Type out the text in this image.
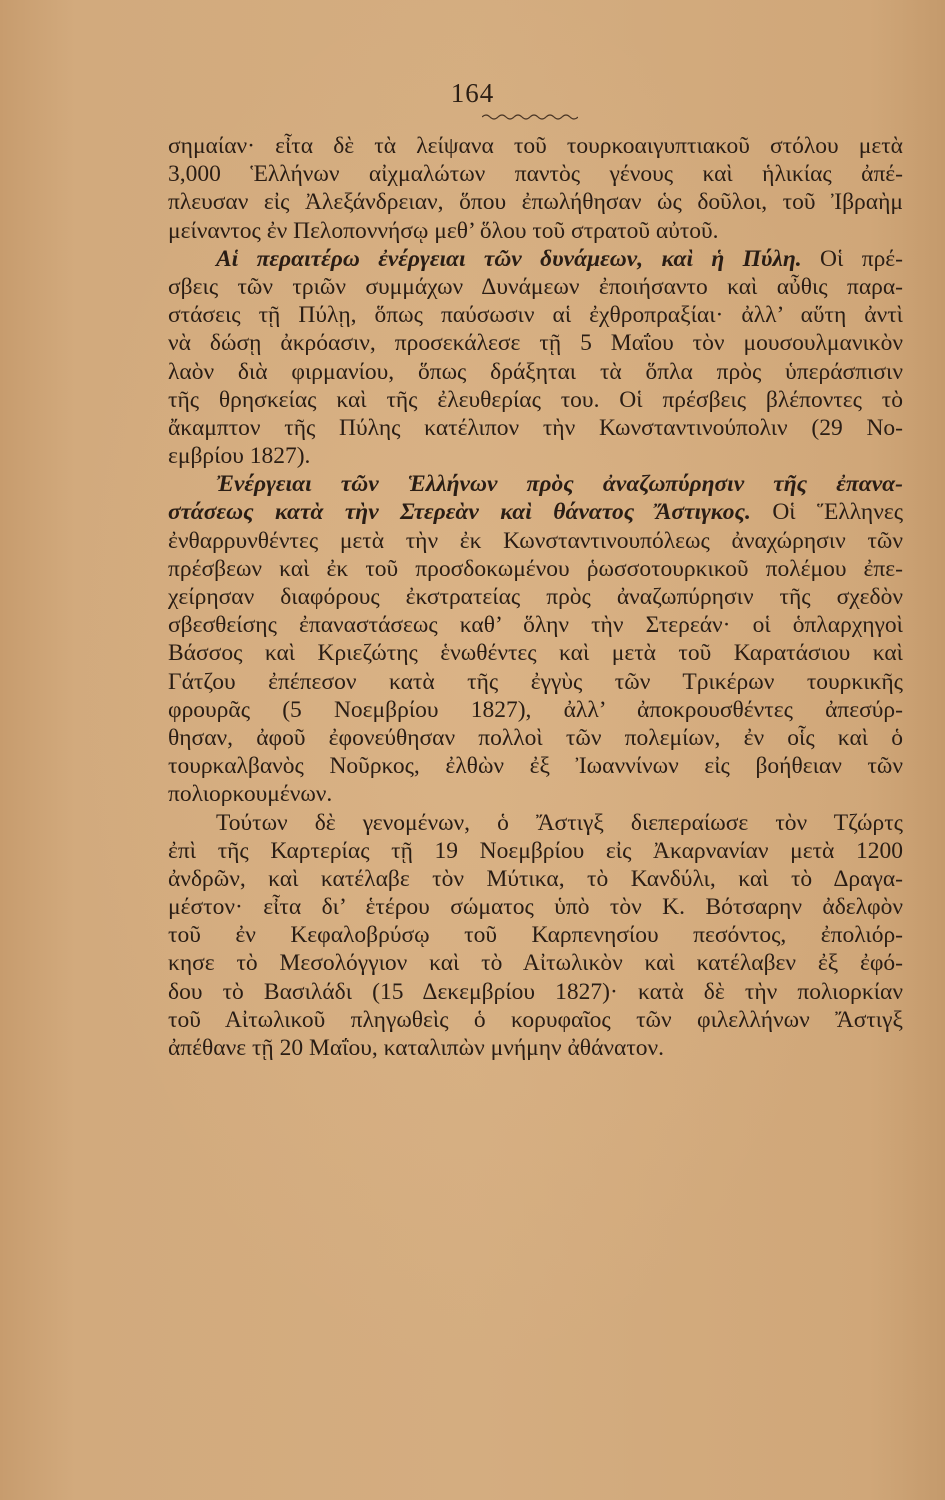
164
σημαίαν· εἶτα δὲ τὰ λείψανα τοῦ τουρκοαιγυπτιακοῦ στόλου μετὰ
3,000 Ἑλλήνων αἰχμαλώτων παντὸς γένους καὶ ἡλικίας ἀπέ-
πλευσαν εἰς Ἀλεξάνδρειαν, ὅπου ἐπωλήθησαν ὡς δοῦλοι, τοῦ Ἰβραὴμ
μείναντος ἐν Πελοποννήσῳ μεθ’ ὅλου τοῦ στρατοῦ αὐτοῦ.
Αἱ περαιτέρω ἐνέργειαι τῶν δυνάμεων, καὶ ἡ Πύλη. Οἱ πρέ-
σβεις τῶν τριῶν συμμάχων Δυνάμεων ἐποιήσαντο καὶ αὖθις παρα-
στάσεις τῇ Πύλῃ, ὅπως παύσωσιν αἱ ἐχθροπραξίαι· ἀλλ’ αὕτη ἀντὶ
νὰ δώσῃ ἀκρόασιν, προσεκάλεσε τῇ 5 Μαΐου τὸν μουσουλμανικὸν
λαὸν διὰ φιρμανίου, ὅπως δράξηται τὰ ὅπλα πρὸς ὑπεράσπισιν
τῆς θρησκείας καὶ τῆς ἐλευθερίας του. Οἱ πρέσβεις βλέποντες τὸ
ἄκαμπτον τῆς Πύλης κατέλιπον τὴν Κωνσταντινούπολιν (29 Νο-
εμβρίου 1827).
Ἐνέργειαι τῶν Ἑλλήνων πρὸς ἀναζωπύρησιν τῆς ἐπανα-
στάσεως κατὰ τὴν Στερεὰν καὶ θάνατος Ἄστιγκος. Οἱ Ἕλληνες
ἐνθαρρυνθέντες μετὰ τὴν ἐκ Κωνσταντινουπόλεως ἀναχώρησιν τῶν
πρέσβεων καὶ ἐκ τοῦ προσδοκωμένου ῥωσσοτουρκικοῦ πολέμου ἐπε-
χείρησαν διαφόρους ἐκστρατείας πρὸς ἀναζωπύρησιν τῆς σχεδὸν
σβεσθείσης ἐπαναστάσεως καθ’ ὅλην τὴν Στερεάν· οἱ ὁπλαρχηγοὶ
Βάσσος καὶ Κριεζώτης ἑνωθέντες καὶ μετὰ τοῦ Καρατάσιου καὶ
Γάτζου ἐπέπεσον κατὰ τῆς ἐγγὺς τῶν Τρικέρων τουρκικῆς
φρουρᾶς (5 Νοεμβρίου 1827), ἀλλ’ ἀποκρουσθέντες ἀπεσύρ-
θησαν, ἀφοῦ ἐφονεύθησαν πολλοὶ τῶν πολεμίων, ἐν οἷς καὶ ὁ
τουρκαλβανὸς Νοῦρκος, ἐλθὼν ἐξ Ἰωαννίνων εἰς βοήθειαν τῶν
πολιορκουμένων.
Τούτων δὲ γενομένων, ὁ Ἄστιγξ διεπεραίωσε τὸν Τζώρτς
ἐπὶ τῆς Καρτερίας τῇ 19 Νοεμβρίου εἰς Ἀκαρνανίαν μετὰ 1200
ἀνδρῶν, καὶ κατέλαβε τὸν Μύτικα, τὸ Κανδύλι, καὶ τὸ Δραγα-
μέστον· εἶτα δι’ ἑτέρου σώματος ὑπὸ τὸν Κ. Βότσαρην ἀδελφὸν
τοῦ ἐν Κεφαλοβρύσῳ τοῦ Καρπενησίου πεσόντος, ἐπολιόρ-
κησε τὸ Μεσολόγγιον καὶ τὸ Αἰτωλικὸν καὶ κατέλαβεν ἐξ ἐφό-
δου τὸ Βασιλάδι (15 Δεκεμβρίου 1827)· κατὰ δὲ τὴν πολιορκίαν
τοῦ Αἰτωλικοῦ πληγωθεὶς ὁ κορυφαῖος τῶν φιλελλήνων Ἄστιγξ
ἀπέθανε τῇ 20 Μαΐου, καταλιπὼν μνήμην ἀθάνατον.
